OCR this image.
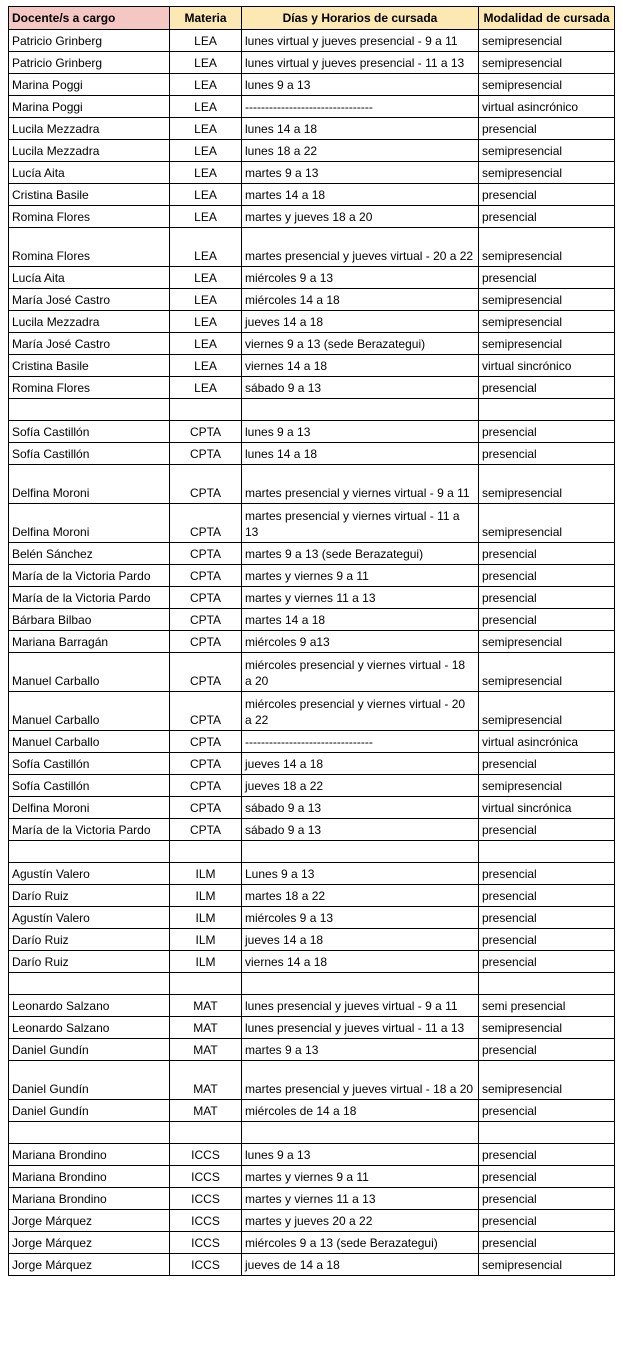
Docente/s a cargo	Materia	Días y Horarios de cursada	Modalidad de cursada
Patricio Grinberg	LEA	lunes virtual y jueves presencial - 9 a 11	semipresencial
Patricio Grinberg	LEA	lunes virtual y jueves presencial - 11 a 13	semipresencial
Marina Poggi	LEA	lunes 9 a 13	semipresencial
Marina Poggi	LEA	--------------------------------	virtual asincrónico
Lucila Mezzadra	LEA	lunes 14 a 18	presencial
Lucila Mezzadra	LEA	lunes 18 a 22	semipresencial
Lucía Aita	LEA	martes 9 a 13	semipresencial
Cristina Basile	LEA	martes 14 a 18	presencial
Romina Flores	LEA	martes y jueves 18 a 20	presencial
Romina Flores	LEA	martes presencial y jueves virtual - 20 a 22	semipresencial
Lucía Aita	LEA	miércoles 9 a 13	presencial
María José Castro	LEA	miércoles 14 a 18	semipresencial
Lucila Mezzadra	LEA	jueves 14 a 18	semipresencial
María José Castro	LEA	viernes 9 a 13 (sede Berazategui)	semipresencial
Cristina Basile	LEA	viernes 14 a 18	virtual sincrónico
Romina Flores	LEA	sábado 9 a 13	presencial

Sofía Castillón	CPTA	lunes 9 a 13	presencial
Sofía Castillón	CPTA	lunes 14 a 18	presencial
Delfina Moroni	CPTA	martes presencial y viernes virtual - 9 a 11	semipresencial
Delfina Moroni	CPTA	martes presencial y viernes virtual - 11 a 13	semipresencial
Belén Sánchez	CPTA	martes 9 a 13 (sede Berazategui)	presencial
María de la Victoria Pardo	CPTA	martes y viernes 9 a 11	presencial
María de la Victoria Pardo	CPTA	martes y viernes 11 a 13	presencial
Bárbara Bilbao	CPTA	martes 14 a 18	presencial
Mariana Barragán	CPTA	miércoles 9 a13	semipresencial
Manuel Carballo	CPTA	miércoles presencial y viernes virtual - 18 a 20	semipresencial
Manuel Carballo	CPTA	miércoles presencial y viernes virtual - 20 a 22	semipresencial
Manuel Carballo	CPTA	--------------------------------	virtual asincrónica
Sofía Castillón	CPTA	jueves 14 a 18	presencial
Sofía Castillón	CPTA	jueves 18 a 22	semipresencial
Delfina Moroni	CPTA	sábado 9 a 13	virtual sincrónica
María de la Victoria Pardo	CPTA	sábado 9 a 13	presencial

Agustín Valero	ILM	Lunes 9 a 13	presencial
Darío Ruiz	ILM	martes 18 a 22	presencial
Agustín Valero	ILM	miércoles 9 a 13	presencial
Darío Ruiz	ILM	jueves 14 a 18	presencial
Darío Ruiz	ILM	viernes 14 a 18	presencial

Leonardo Salzano	MAT	lunes presencial y jueves virtual - 9 a 11	semi presencial
Leonardo Salzano	MAT	lunes presencial y jueves virtual - 11 a 13	semipresencial
Daniel Gundín	MAT	martes 9 a 13	presencial
Daniel Gundín	MAT	martes presencial y jueves virtual - 18 a 20	semipresencial
Daniel Gundín	MAT	miércoles de 14 a 18	presencial

Mariana Brondino	ICCS	lunes 9 a 13	presencial
Mariana Brondino	ICCS	martes y viernes 9 a 11	presencial
Mariana Brondino	ICCS	martes y viernes 11 a 13	presencial
Jorge Márquez	ICCS	martes y jueves 20 a 22	presencial
Jorge Márquez	ICCS	miércoles 9 a 13 (sede Berazategui)	presencial
Jorge Márquez	ICCS	jueves de 14 a 18	semipresencial
